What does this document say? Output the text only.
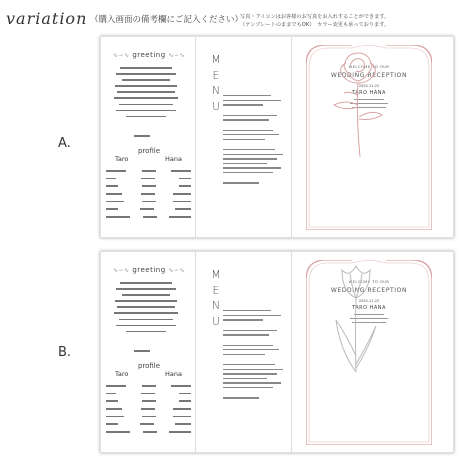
variation （購入画面の備考欄にご記入ください）
写真・アイコンはお客様のお写真をお入れすることができます。
（テンプレートのままでもOK）　カラー変更も承っております。
A.
∿∽∿ greeting ∿∽∿
profile
Taro	Hana
M
E
N
U
WELCOME TO OUR
WEDDING RECEPTION
2020.11.22
TARO HANA
B.
∿∽∿ greeting ∿∽∿
profile
Taro	Hana
M
E
N
U
WELCOME TO OUR
WEDDING RECEPTION
2020.11.22
TARO HANA
